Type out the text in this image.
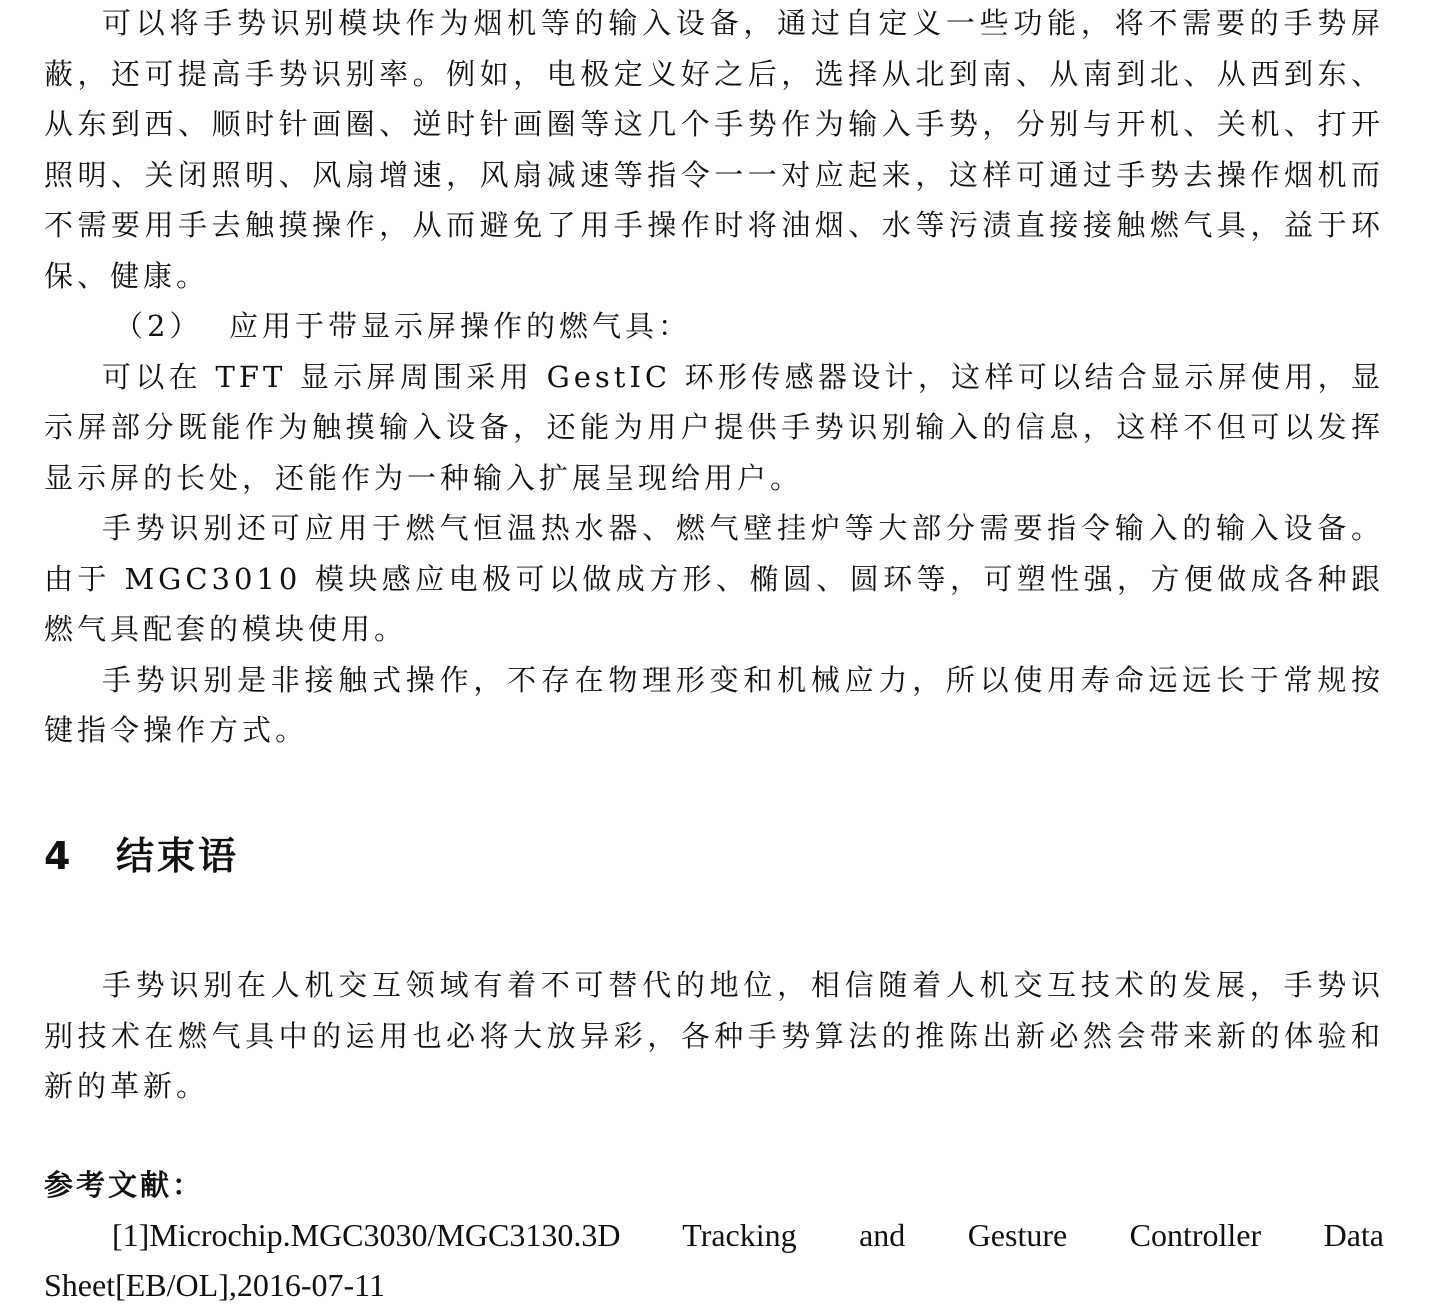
可以将手势识别模块作为烟机等的输入设备，通过自定义一些功能，将不需要的手势屏蔽，还可提高手势识别率。例如，电极定义好之后，选择从北到南、从南到北、从西到东、从东到西、顺时针画圈、逆时针画圈等这几个手势作为输入手势，分别与开机、关机、打开照明、关闭照明、风扇增速，风扇减速等指令一一对应起来，这样可通过手势去操作烟机而不需要用手去触摸操作，从而避免了用手操作时将油烟、水等污渍直接接触燃气具，益于环保、健康。

（2） 应用于带显示屏操作的燃气具：

可以在 TFT 显示屏周围采用 GestIC 环形传感器设计，这样可以结合显示屏使用，显示屏部分既能作为触摸输入设备，还能为用户提供手势识别输入的信息，这样不但可以发挥显示屏的长处，还能作为一种输入扩展呈现给用户。

手势识别还可应用于燃气恒温热水器、燃气壁挂炉等大部分需要指令输入的输入设备。由于 MGC3010 模块感应电极可以做成方形、椭圆、圆环等，可塑性强，方便做成各种跟燃气具配套的模块使用。

手势识别是非接触式操作，不存在物理形变和机械应力，所以使用寿命远远长于常规按键指令操作方式。

4 结束语

手势识别在人机交互领域有着不可替代的地位，相信随着人机交互技术的发展，手势识别技术在燃气具中的运用也必将大放异彩，各种手势算法的推陈出新必然会带来新的体验和新的革新。

参考文献：

[1]Microchip.MGC3030/MGC3130.3D Tracking and Gesture Controller Data Sheet[EB/OL],2016-07-11
